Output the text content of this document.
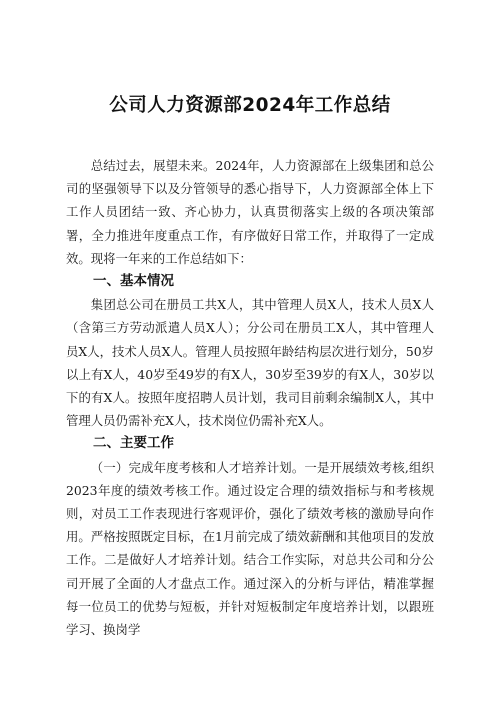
公司人力资源部2024年工作总结

总结过去，展望未来。2024年，人力资源部在上级集团和总公司的坚强领导下以及分管领导的悉心指导下，人力资源部全体上下工作人员团结一致、齐心协力，认真贯彻落实上级的各项决策部署，全力推进年度重点工作，有序做好日常工作，并取得了一定成效。现将一年来的工作总结如下：

一、基本情况

集团总公司在册员工共X人，其中管理人员X人，技术人员X人（含第三方劳动派遣人员X人）；分公司在册员工X人，其中管理人员X人，技术人员X人。管理人员按照年龄结构层次进行划分，50岁以上有X人，40岁至49岁的有X人，30岁至39岁的有X人，30岁以下的有X人。按照年度招聘人员计划，我司目前剩余编制X人，其中管理人员仍需补充X人，技术岗位仍需补充X人。

二、主要工作

（一）完成年度考核和人才培养计划。一是开展绩效考核,组织2023年度的绩效考核工作。通过设定合理的绩效指标与和考核规则，对员工工作表现进行客观评价，强化了绩效考核的激励导向作用。严格按照既定目标，在1月前完成了绩效薪酬和其他项目的发放工作。二是做好人才培养计划。结合工作实际，对总共公司和分公司开展了全面的人才盘点工作。通过深入的分析与评估，精准掌握每一位员工的优势与短板，并针对短板制定年度培养计划，以跟班学习、换岗学
